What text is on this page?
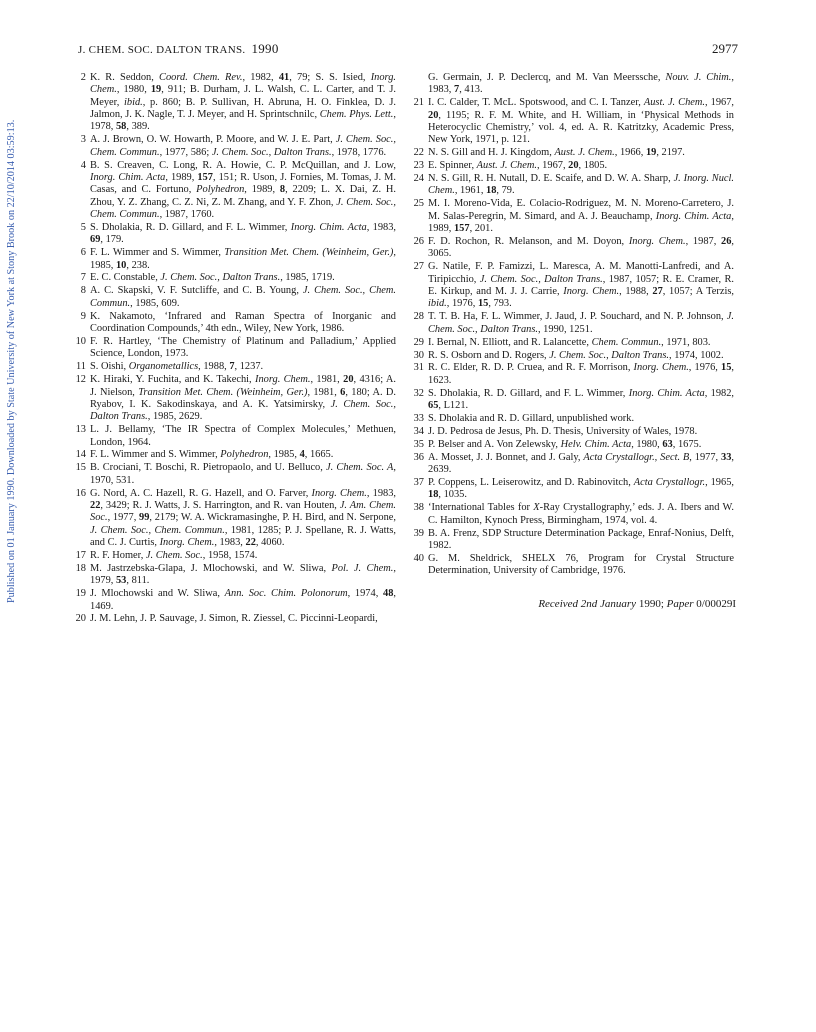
Published on 01 January 1990. Downloaded by State University of New York at Stony Brook on 22/10/2014 03:59:13.
J. CHEM. SOC. DALTON TRANS. 1990	2977
2 K. R. Seddon, Coord. Chem. Rev., 1982, 41, 79; S. S. Isied, Inorg. Chem., 1980, 19, 911; B. Durham, J. L. Walsh, C. L. Carter, and T. J. Meyer, ibid., p. 860; B. P. Sullivan, H. Abruna, H. O. Finklea, D. J. Jalmon, J. K. Nagle, T. J. Meyer, and H. Sprintschnilc, Chem. Phys. Lett., 1978, 58, 389.
3 A. J. Brown, O. W. Howarth, P. Moore, and W. J. E. Part, J. Chem. Soc., Chem. Commun., 1977, 586; J. Chem. Soc., Dalton Trans., 1978, 1776.
4 B. S. Creaven, C. Long, R. A. Howie, C. P. McQuillan, and J. Low, Inorg. Chim. Acta, 1989, 157, 151; R. Uson, J. Fornies, M. Tomas, J. M. Casas, and C. Fortuno, Polyhedron, 1989, 8, 2209; L. X. Dai, Z. H. Zhou, Y. Z. Zhang, C. Z. Ni, Z. M. Zhang, and Y. F. Zhon, J. Chem. Soc., Chem. Commun., 1987, 1760.
5 S. Dholakia, R. D. Gillard, and F. L. Wimmer, Inorg. Chim. Acta, 1983, 69, 179.
6 F. L. Wimmer and S. Wimmer, Transition Met. Chem. (Weinheim, Ger.), 1985, 10, 238.
7 E. C. Constable, J. Chem. Soc., Dalton Trans., 1985, 1719.
8 A. C. Skapski, V. F. Sutcliffe, and C. B. Young, J. Chem. Soc., Chem. Commun., 1985, 609.
9 K. Nakamoto, ‘Infrared and Raman Spectra of Inorganic and Coordination Compounds,’ 4th edn., Wiley, New York, 1986.
10 F. R. Hartley, ‘The Chemistry of Platinum and Palladium,’ Applied Science, London, 1973.
11 S. Oishi, Organometallics, 1988, 7, 1237.
12 K. Hiraki, Y. Fuchita, and K. Takechi, Inorg. Chem., 1981, 20, 4316; A. J. Nielson, Transition Met. Chem. (Weinheim, Ger.), 1981, 6, 180; A. D. Ryabov, I. K. Sakodinskaya, and A. K. Yatsimirsky, J. Chem. Soc., Dalton Trans., 1985, 2629.
13 L. J. Bellamy, ‘The IR Spectra of Complex Molecules,’ Methuen, London, 1964.
14 F. L. Wimmer and S. Wimmer, Polyhedron, 1985, 4, 1665.
15 B. Crociani, T. Boschi, R. Pietropaolo, and U. Belluco, J. Chem. Soc. A, 1970, 531.
16 G. Nord, A. C. Hazell, R. G. Hazell, and O. Farver, Inorg. Chem., 1983, 22, 3429; R. J. Watts, J. S. Harrington, and R. van Houten, J. Am. Chem. Soc., 1977, 99, 2179; W. A. Wickramasinghe, P. H. Bird, and N. Serpone, J. Chem. Soc., Chem. Commun., 1981, 1285; P. J. Spellane, R. J. Watts, and C. J. Curtis, Inorg. Chem., 1983, 22, 4060.
17 R. F. Homer, J. Chem. Soc., 1958, 1574.
18 M. Jastrzebska-Glapa, J. Mlochowski, and W. Sliwa, Pol. J. Chem., 1979, 53, 811.
19 J. Mlochowski and W. Sliwa, Ann. Soc. Chim. Polonorum, 1974, 48, 1469.
20 J. M. Lehn, J. P. Sauvage, J. Simon, R. Ziessel, C. Piccinni-Leopardi,
G. Germain, J. P. Declercq, and M. Van Meerssche, Nouv. J. Chim., 1983, 7, 413.
21 I. C. Calder, T. McL. Spotswood, and C. I. Tanzer, Aust. J. Chem., 1967, 20, 1195; R. F. M. White, and H. William, in ‘Physical Methods in Heterocyclic Chemistry,’ vol. 4, ed. A. R. Katritzky, Academic Press, New York, 1971, p. 121.
22 N. S. Gill and H. J. Kingdom, Aust. J. Chem., 1966, 19, 2197.
23 E. Spinner, Aust. J. Chem., 1967, 20, 1805.
24 N. S. Gill, R. H. Nutall, D. E. Scaife, and D. W. A. Sharp, J. Inorg. Nucl. Chem., 1961, 18, 79.
25 M. I. Moreno-Vida, E. Colacio-Rodriguez, M. N. Moreno-Carretero, J. M. Salas-Peregrin, M. Simard, and A. J. Beauchamp, Inorg. Chim. Acta, 1989, 157, 201.
26 F. D. Rochon, R. Melanson, and M. Doyon, Inorg. Chem., 1987, 26, 3065.
27 G. Natile, F. P. Famizzi, L. Maresca, A. M. Manotti-Lanfredi, and A. Tiripicchio, J. Chem. Soc., Dalton Trans., 1987, 1057; R. E. Cramer, R. E. Kirkup, and M. J. J. Carrie, Inorg. Chem., 1988, 27, 1057; A Terzis, ibid., 1976, 15, 793.
28 T. T. B. Ha, F. L. Wimmer, J. Jaud, J. P. Souchard, and N. P. Johnson, J. Chem. Soc., Dalton Trans., 1990, 1251.
29 I. Bernal, N. Elliott, and R. Lalancette, Chem. Commun., 1971, 803.
30 R. S. Osborn and D. Rogers, J. Chem. Soc., Dalton Trans., 1974, 1002.
31 R. C. Elder, R. D. P. Cruea, and R. F. Morrison, Inorg. Chem., 1976, 15, 1623.
32 S. Dholakia, R. D. Gillard, and F. L. Wimmer, Inorg. Chim. Acta, 1982, 65, L121.
33 S. Dholakia and R. D. Gillard, unpublished work.
34 J. D. Pedrosa de Jesus, Ph. D. Thesis, University of Wales, 1978.
35 P. Belser and A. Von Zelewsky, Helv. Chim. Acta, 1980, 63, 1675.
36 A. Mosset, J. J. Bonnet, and J. Galy, Acta Crystallogr., Sect. B, 1977, 33, 2639.
37 P. Coppens, L. Leiserowitz, and D. Rabinovitch, Acta Crystallogr., 1965, 18, 1035.
38 ‘International Tables for X-Ray Crystallography,’ eds. J. A. Ibers and W. C. Hamilton, Kynoch Press, Birmingham, 1974, vol. 4.
39 B. A. Frenz, SDP Structure Determination Package, Enraf-Nonius, Delft, 1982.
40 G. M. Sheldrick, SHELX 76, Program for Crystal Structure Determination, University of Cambridge, 1976.
Received 2nd January 1990; Paper 0/00029I
